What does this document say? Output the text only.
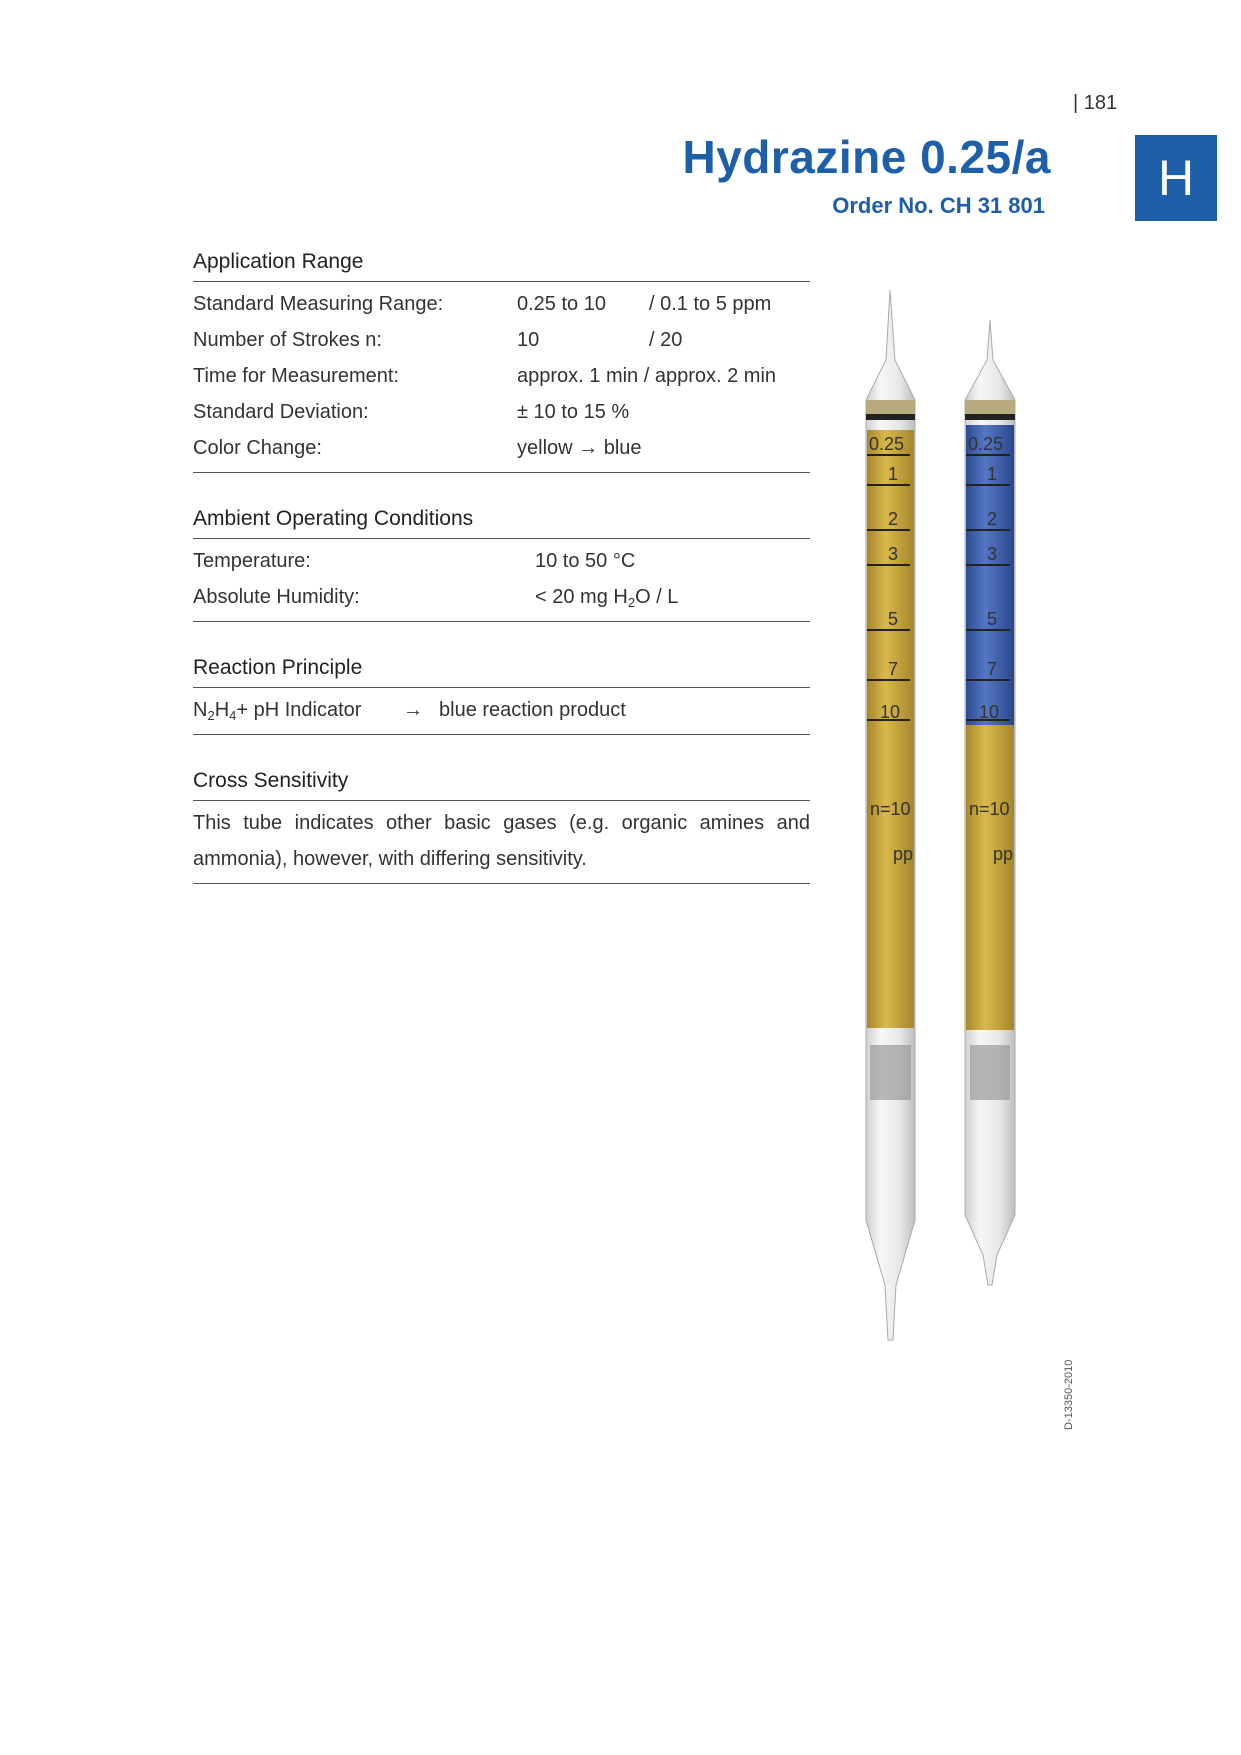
| 181
Hydrazine 0.25/a
Order No. CH 31 801	H
Application Range
Standard Measuring Range:	0.25 to 10	/ 0.1 to 5 ppm
Number of Strokes n:	10	/ 20
Time for Measurement:	approx. 1 min / approx. 2 min
Standard Deviation:	± 10 to 15 %
Color Change:	yellow → blue
Ambient Operating Conditions
Temperature:	10 to 50 °C
Absolute Humidity:	< 20 mg $H_2O$ / L
Reaction Principle
$N_2H_4+$ pH Indicator	→ blue reaction product
Cross Sensitivity
This tube indicates other basic gases (e.g. organic amines and ammonia), however, with differing sensitivity.
0.25
1
2
3
5
7
10
n=10
pp
0.25
1
2
3
5
7
10
n=10
pp
D-13350-2010
